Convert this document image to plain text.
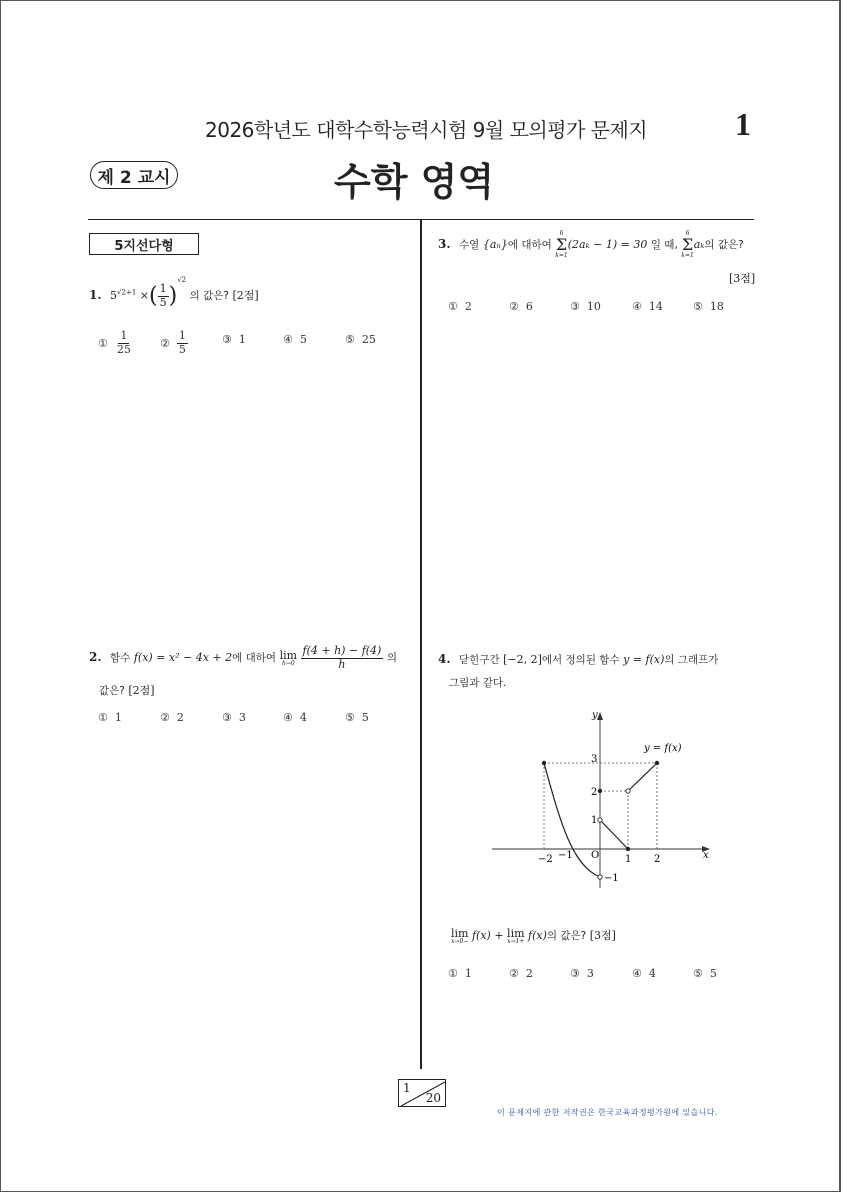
2026학년도 대학수학능력시험 9월 모의평가 문제지	1
제 2 교시	수학 영역
5지선다형
1. $5^{√2+1}$ ×( $\frac{1}{5} )^{√2}$ 의 값은? [2점]
① $\frac{1}{25}$ ② $\frac{1}{5}$	③ 1	④ 5	⑤ 25
2. 함수 f(x) = x² − 4x + 2에 대하여 lim
h→0
$\frac{f(4 + h) - f(4)}{h}$ 의
값은? [2점]
① 1	② 2	③ 3	④ 4	⑤ 5
3. 수열 {aₙ}에 대하여
6
Σ
k=1
(2aₖ − 1) = 30 일 때,
6
Σ
k=1
aₖ의 값은?
[3점]
① 2	② 6	③ 10	④ 14	⑤ 18
4. 닫힌구간 [−2, 2]에서 정의된 함수 y = f(x)의 그래프가
그림과 같다.
y
x
y = f(x)
O
−2 −1	1 2
3
2
1
−1
lim
x→0− f(x) + lim
x→1+ f(x)의 값은? [3점]
① 1	② 2	③ 3	④ 4	⑤ 5
1
20
이 문제지에 관한 저작권은 한국교육과정평가원에 있습니다.
